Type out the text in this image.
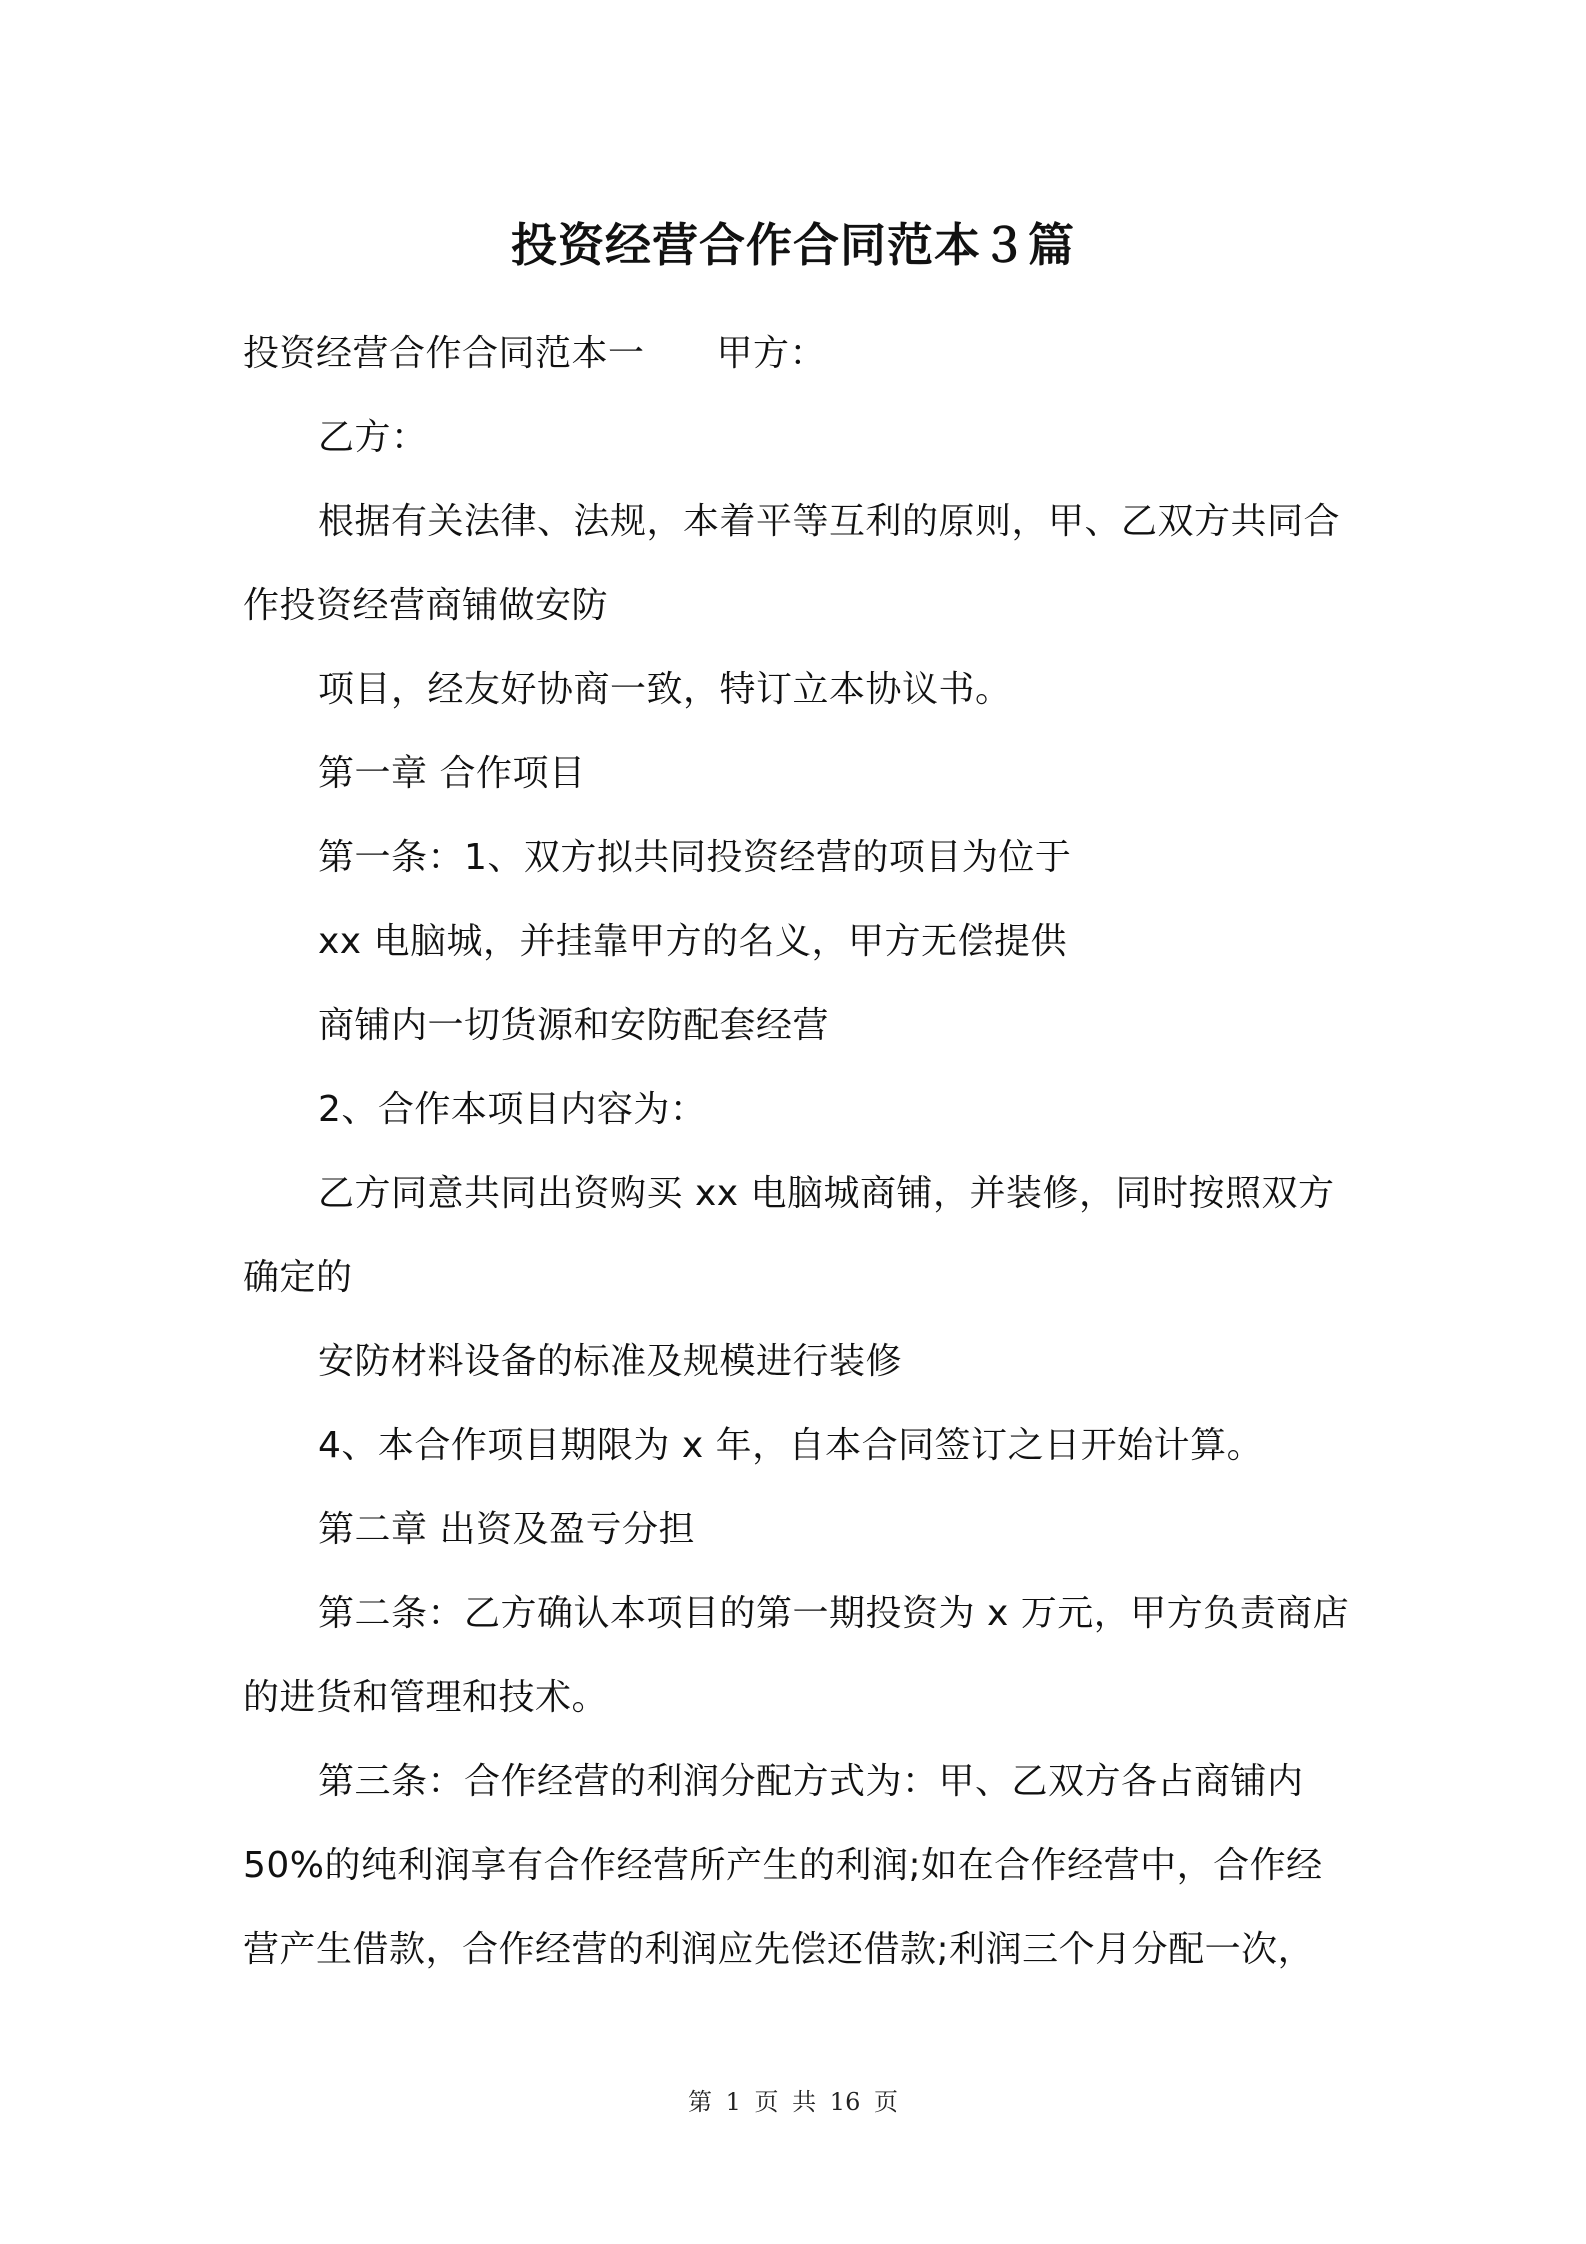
投资经营合作合同范本３篇
投资经营合作合同范本一 甲方：
乙方：
根据有关法律、法规，本着平等互利的原则，甲、乙双方共同合
作投资经营商铺做安防
项目，经友好协商一致，特订立本协议书。
第一章 合作项目
第一条：1、双方拟共同投资经营的项目为位于
xx 电脑城，并挂靠甲方的名义，甲方无偿提供
商铺内一切货源和安防配套经营
2、合作本项目内容为：
乙方同意共同出资购买 xx 电脑城商铺，并装修，同时按照双方
确定的
安防材料设备的标准及规模进行装修
4、本合作项目期限为 x 年，自本合同签订之日开始计算。
第二章 出资及盈亏分担
第二条：乙方确认本项目的第一期投资为 x 万元，甲方负责商店
的进货和管理和技术。
第三条：合作经营的利润分配方式为：甲、乙双方各占商铺内
50%的纯利润享有合作经营所产生的利润;如在合作经营中，合作经
营产生借款，合作经营的利润应先偿还借款;利润三个月分配一次，
第 1 页 共 16 页
